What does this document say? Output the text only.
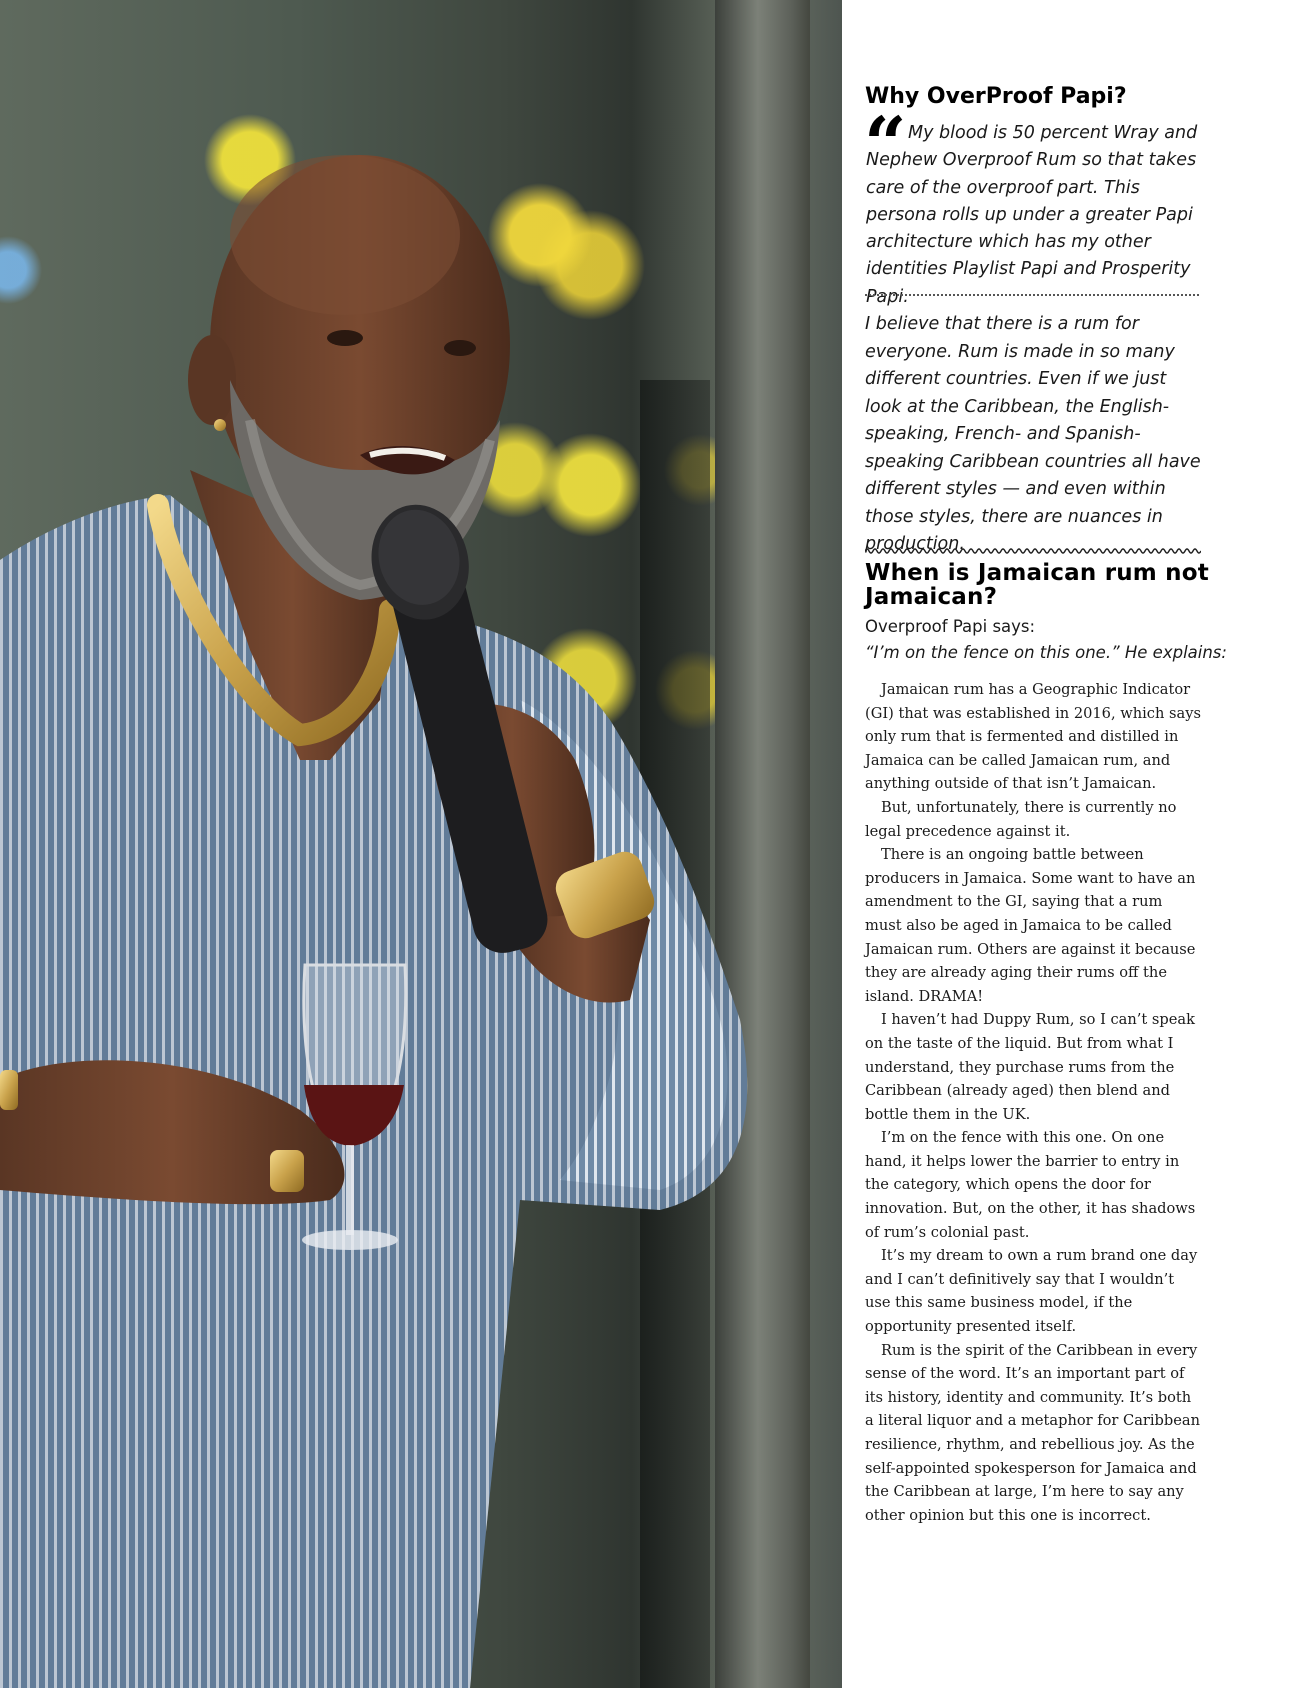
Why OverProof Papi?
“ My blood is 50 percent Wray and Nephew Overproof Rum so that takes care of the overproof part. This persona rolls up under a greater Papi architecture which has my other identities Playlist Papi and Prosperity Papi.
I believe that there is a rum for everyone. Rum is made in so many different countries. Even if we just look at the Caribbean, the English-speaking, French- and Spanish-speaking Caribbean countries all have different styles — and even within those styles, there are nuances in production.
When is Jamaican rum not Jamaican?
Overproof Papi says:
“I’m on the fence on this one.” He explains:

Jamaican rum has a Geographic Indicator (GI) that was established in 2016, which says only rum that is fermented and distilled in Jamaica can be called Jamaican rum, and anything outside of that isn’t Jamaican.

But, unfortunately, there is currently no legal precedence against it.

There is an ongoing battle between producers in Jamaica. Some want to have an amendment to the GI, saying that a rum must also be aged in Jamaica to be called Jamaican rum. Others are against it because they are already aging their rums off the island. DRAMA!

I haven’t had Duppy Rum, so I can’t speak on the taste of the liquid. But from what I understand, they purchase rums from the Caribbean (already aged) then blend and bottle them in the UK.

I’m on the fence with this one. On one hand, it helps lower the barrier to entry in the category, which opens the door for innovation. But, on the other, it has shadows of rum’s colonial past.

It’s my dream to own a rum brand one day and I can’t definitively say that I wouldn’t use this same business model, if the opportunity presented itself.

Rum is the spirit of the Caribbean in every sense of the word. It’s an important part of its history, identity and community. It’s both a literal liquor and a metaphor for Caribbean resilience, rhythm, and rebellious joy. As the self-appointed spokesperson for Jamaica and the Caribbean at large, I’m here to say any other opinion but this one is incorrect.
